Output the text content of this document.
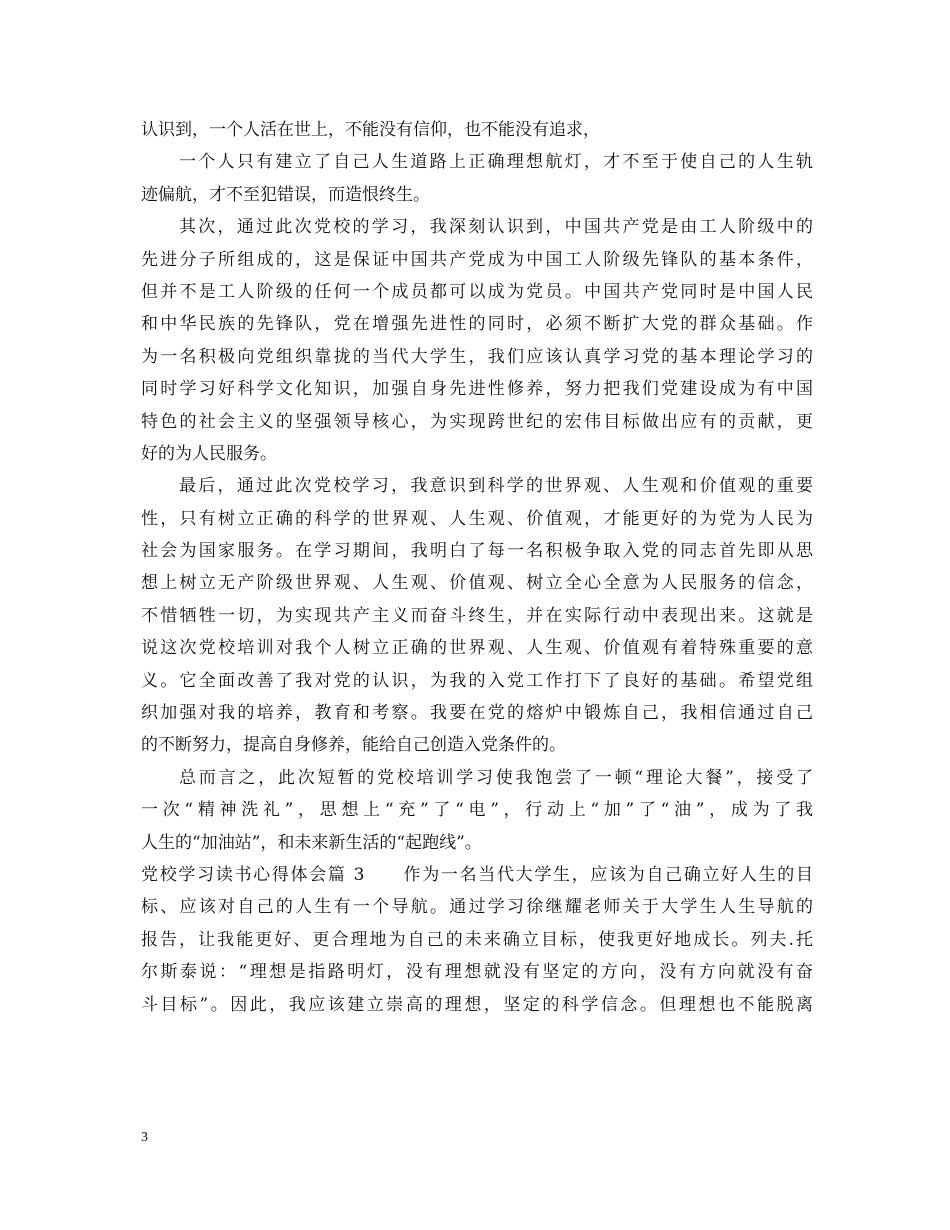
认识到，一个人活在世上，不能没有信仰，也不能没有追求，
一个人只有建立了自己人生道路上正确理想航灯，才不至于使自己的人生轨
迹偏航，才不至犯错误，而造恨终生。
其次，通过此次党校的学习，我深刻认识到，中国共产党是由工人阶级中的
先进分子所组成的，这是保证中国共产党成为中国工人阶级先锋队的基本条件，
但并不是工人阶级的任何一个成员都可以成为党员。中国共产党同时是中国人民
和中华民族的先锋队，党在增强先进性的同时，必须不断扩大党的群众基础。作
为一名积极向党组织靠拢的当代大学生，我们应该认真学习党的基本理论学习的
同时学习好科学文化知识，加强自身先进性修养，努力把我们党建设成为有中国
特色的社会主义的坚强领导核心，为实现跨世纪的宏伟目标做出应有的贡献，更
好的为人民服务。
最后，通过此次党校学习，我意识到科学的世界观、人生观和价值观的重要
性，只有树立正确的科学的世界观、人生观、价值观，才能更好的为党为人民为
社会为国家服务。在学习期间，我明白了每一名积极争取入党的同志首先即从思
想上树立无产阶级世界观、人生观、价值观、树立全心全意为人民服务的信念，
不惜牺牲一切，为实现共产主义而奋斗终生，并在实际行动中表现出来。这就是
说这次党校培训对我个人树立正确的世界观、人生观、价值观有着特殊重要的意
义。它全面改善了我对党的认识，为我的入党工作打下了良好的基础。希望党组
织加强对我的培养，教育和考察。我要在党的熔炉中锻炼自己，我相信通过自己
的不断努力，提高自身修养，能给自己创造入党条件的。
总而言之，此次短暂的党校培训学习使我饱尝了一顿“理论大餐”，接受了
一次“精神洗礼”，思想上“充”了“电”，行动上“加”了“油”，成为了我
人生的“加油站”，和未来新生活的“起跑线”。
党校学习读书心得体会篇 3　　作为一名当代大学生，应该为自己确立好人生的目
标、应该对自己的人生有一个导航。通过学习徐继耀老师关于大学生人生导航的
报告，让我能更好、更合理地为自己的未来确立目标，使我更好地成长。列夫.托
尔斯泰说：“理想是指路明灯，没有理想就没有坚定的方向，没有方向就没有奋
斗目标”。因此，我应该建立崇高的理想，坚定的科学信念。但理想也不能脱离
3
